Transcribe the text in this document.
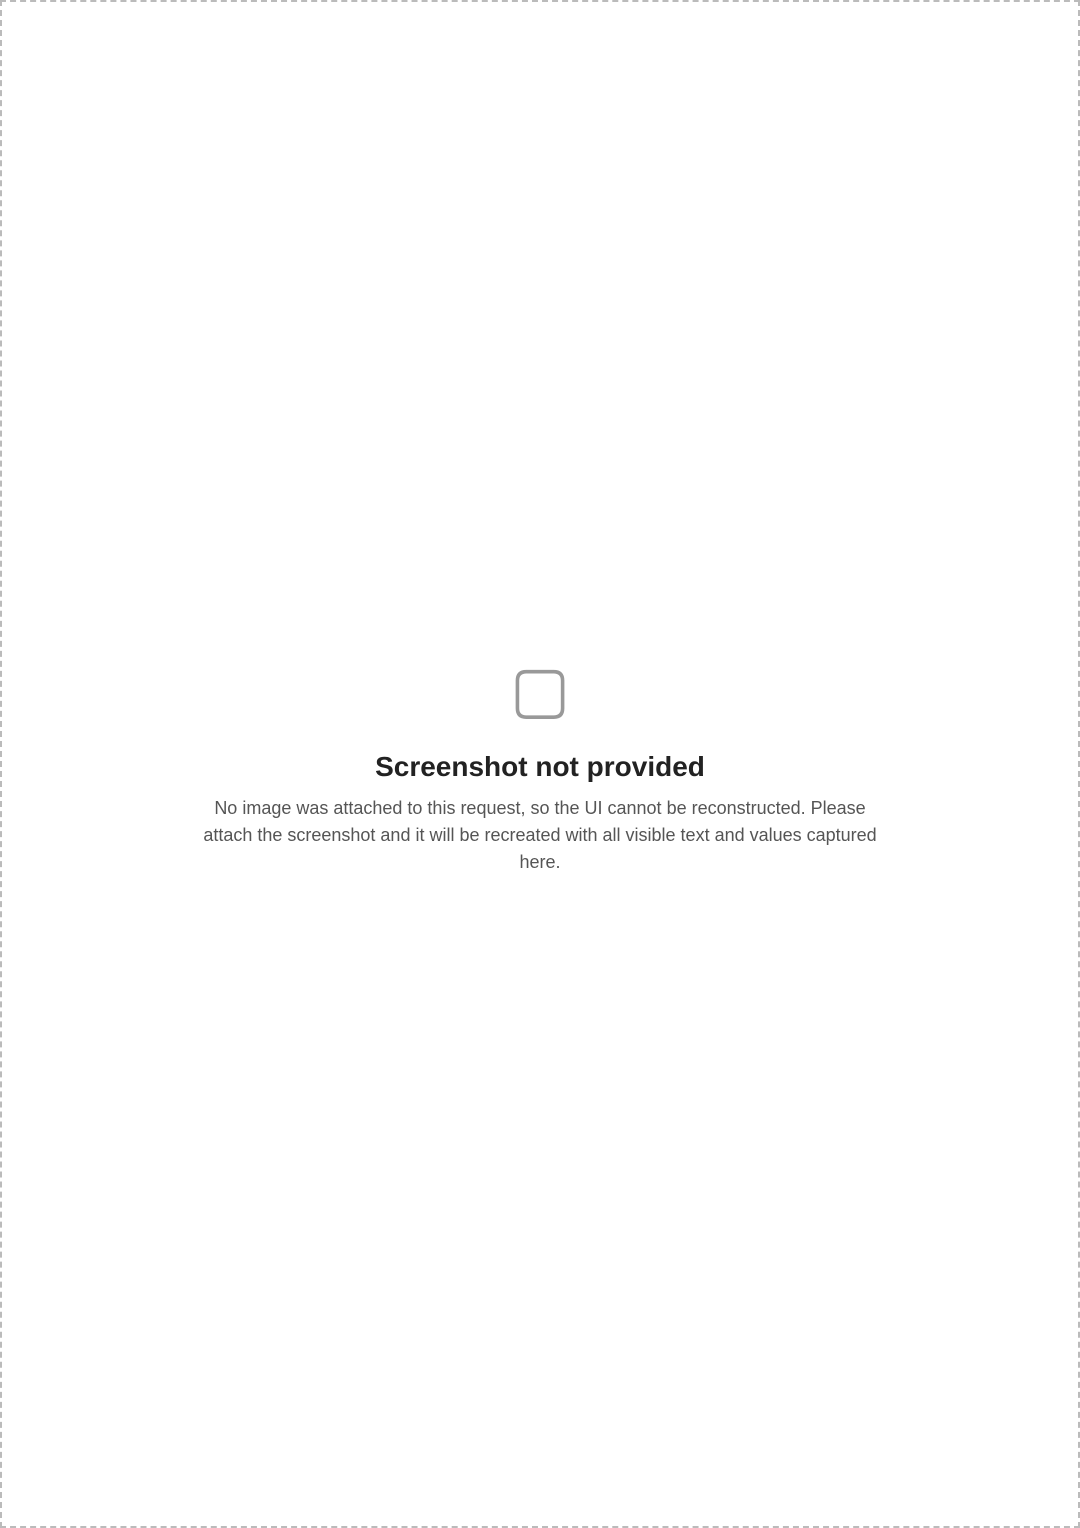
▢
Screenshot not provided
No image was attached to this request, so the UI cannot be reconstructed. Please attach the screenshot and it will be recreated with all visible text and values captured here.
